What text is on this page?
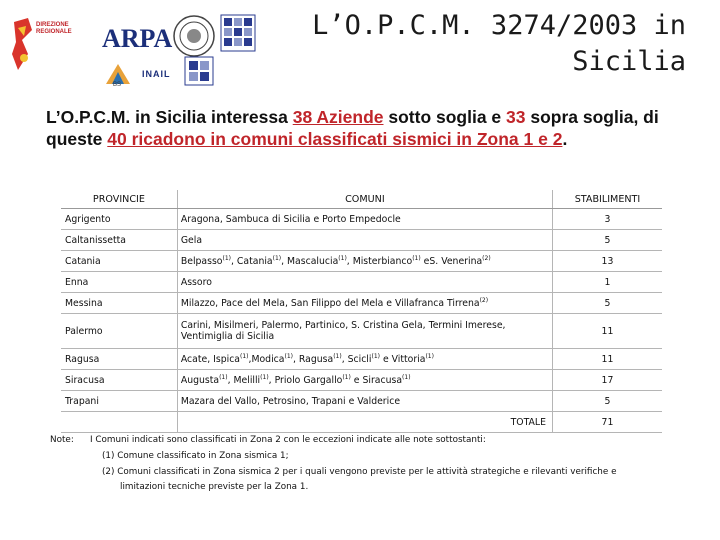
DIREZIONE REGIONALE	ARPA
BS
INAIL
L’O.P.C.M. 3274/2003 in Sicilia
L’O.P.C.M. in Sicilia interessa 38 Aziende sotto soglia e 33 sopra soglia, di queste 40 ricadono in comuni classificati sismici in Zona 1 e 2.
PROVINCIE	COMUNI	STABILIMENTI
Agrigento	Aragona, Sambuca di Sicilia e Porto Empedocle	3
Caltanissetta	Gela	5
Catania	Belpasso$^{(1)}$, Catania$^{(1)}$, Mascalucia$^{(1)}$, Misterbianco$^{(1)}$ eS. Venerina$^{(2)}$	13
Enna	Assoro	1
Messina	Milazzo, Pace del Mela, San Filippo del Mela e Villafranca Tirrena$^{(2)}$	5
Palermo	Carini, Misilmeri, Palermo, Partinico, S. Cristina Gela, Termini Imerese, Ventimiglia di Sicilia	11
Ragusa	Acate, Ispica$^{(1)}$,Modica$^{(1)}$, Ragusa$^{(1)}$, Scicli$^{(1)}$ e Vittoria$^{(1)}$	11
Siracusa	Augusta$^{(1)}$, Melilli$^{(1)}$, Priolo Gargallo$^{(1)}$ e Siracusa$^{(1)}$	17
Trapani	Mazara del Vallo, Petrosino, Trapani e Valderice	5
	TOTALE	71
Note:	I Comuni indicati sono classificati in Zona 2 con le eccezioni indicate alle note sottostanti:
(1) Comune classificato in Zona sismica 1;
(2) Comuni classificati in Zona sismica 2 per i quali vengono previste per le attività strategiche e rilevanti verifiche e
limitazioni tecniche previste per la Zona 1.
